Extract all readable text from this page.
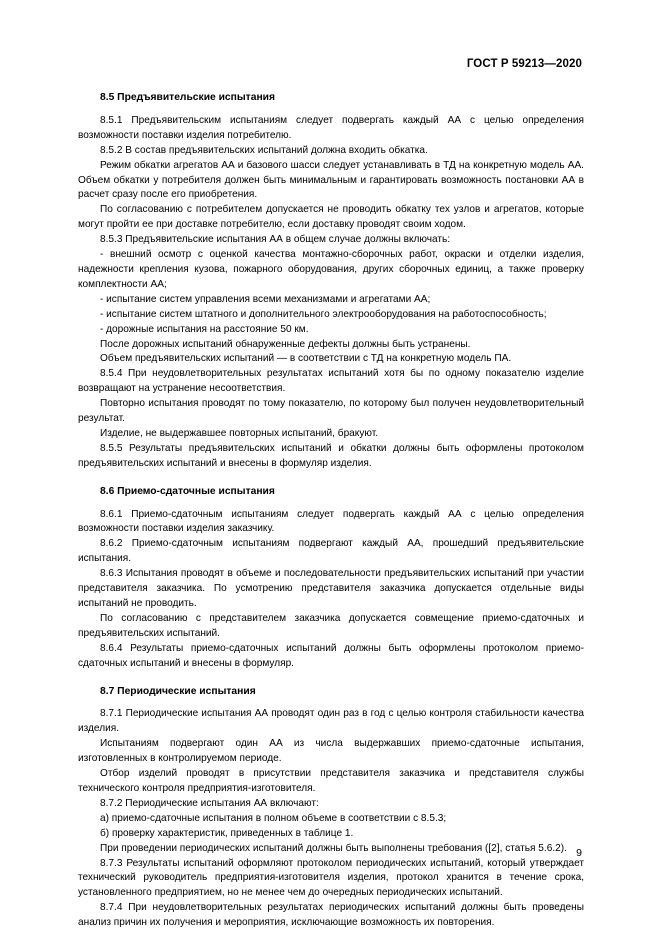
ГОСТ Р 59213—2020

8.5 Предъявительские испытания

8.5.1 Предъявительским испытаниям следует подвергать каждый АА с целью определения возможности поставки изделия потребителю.

8.5.2 В состав предъявительских испытаний должна входить обкатка.

Режим обкатки агрегатов АА и базового шасси следует устанавливать в ТД на конкретную модель АА. Объем обкатки у потребителя должен быть минимальным и гарантировать возможность постановки АА в расчет сразу после его приобретения.

По согласованию с потребителем допускается не проводить обкатку тех узлов и агрегатов, которые могут пройти ее при доставке потребителю, если доставку проводят своим ходом.

8.5.3 Предъявительские испытания АА в общем случае должны включать:

- внешний осмотр с оценкой качества монтажно-сборочных работ, окраски и отделки изделия, надежности крепления кузова, пожарного оборудования, других сборочных единиц, а также проверку комплектности АА;

- испытание систем управления всеми механизмами и агрегатами АА;

- испытание систем штатного и дополнительного электрооборудования на работоспособность;

- дорожные испытания на расстояние 50 км.

После дорожных испытаний обнаруженные дефекты должны быть устранены.

Объем предъявительских испытаний — в соответствии с ТД на конкретную модель ПА.

8.5.4 При неудовлетворительных результатах испытаний хотя бы по одному показателю изделие возвращают на устранение несоответствия.

Повторно испытания проводят по тому показателю, по которому был получен неудовлетворительный результат.

Изделие, не выдержавшее повторных испытаний, бракуют.

8.5.5 Результаты предъявительских испытаний и обкатки должны быть оформлены протоколом предъявительских испытаний и внесены в формуляр изделия.

8.6 Приемо-сдаточные испытания

8.6.1 Приемо-сдаточным испытаниям следует подвергать каждый АА с целью определения возможности поставки изделия заказчику.

8.6.2 Приемо-сдаточным испытаниям подвергают каждый АА, прошедший предъявительские испытания.

8.6.3 Испытания проводят в объеме и последовательности предъявительских испытаний при участии представителя заказчика. По усмотрению представителя заказчика допускается отдельные виды испытаний не проводить.

По согласованию с представителем заказчика допускается совмещение приемо-сдаточных и предъявительских испытаний.

8.6.4 Результаты приемо-сдаточных испытаний должны быть оформлены протоколом приемо-сдаточных испытаний и внесены в формуляр.

8.7 Периодические испытания

8.7.1 Периодические испытания АА проводят один раз в год с целью контроля стабильности качества изделия.

Испытаниям подвергают один АА из числа выдержавших приемо-сдаточные испытания, изготовленных в контролируемом периоде.

Отбор изделий проводят в присутствии представителя заказчика и представителя службы технического контроля предприятия-изготовителя.

8.7.2 Периодические испытания АА включают:

а) приемо-сдаточные испытания в полном объеме в соответствии с 8.5.3;

б) проверку характеристик, приведенных в таблице 1.

При проведении периодических испытаний должны быть выполнены требования ([2], статья 5.6.2).

8.7.3 Результаты испытаний оформляют протоколом периодических испытаний, который утверждает технический руководитель предприятия-изготовителя изделия, протокол хранится в течение срока, установленного предприятием, но не менее чем до очередных периодических испытаний.

8.7.4 При неудовлетворительных результатах периодических испытаний должны быть проведены анализ причин их получения и мероприятия, исключающие возможность их повторения.

9
